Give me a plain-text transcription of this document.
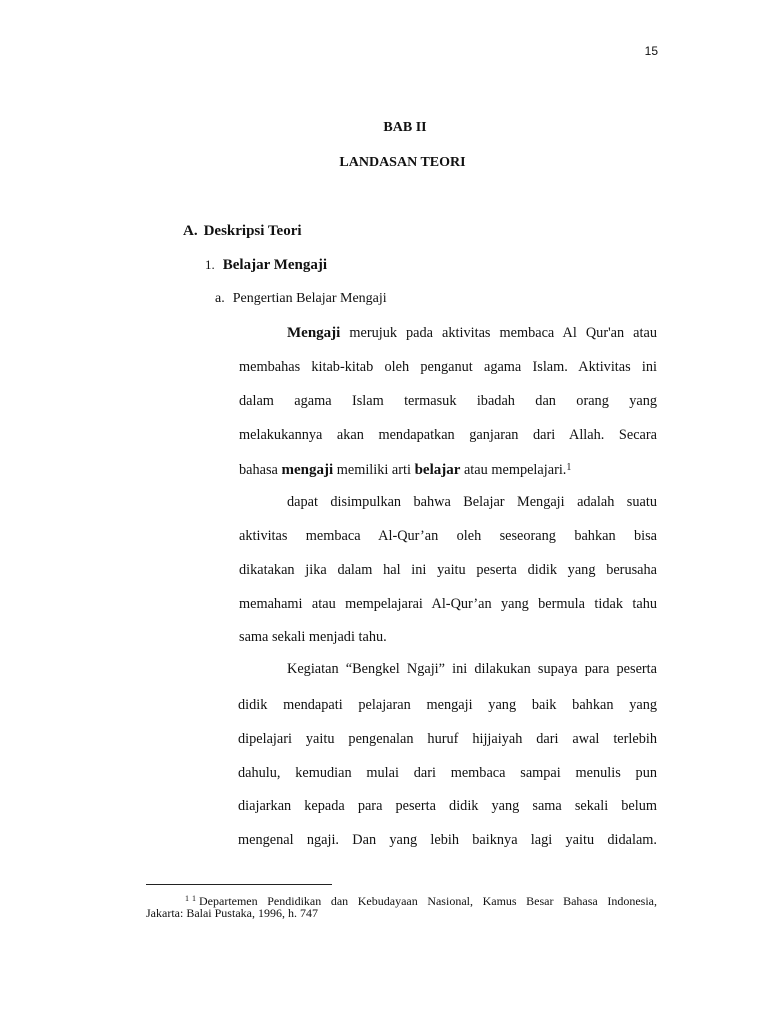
15
BAB II
LANDASAN TEORI
A. Deskripsi Teori
1. Belajar Mengaji
a. Pengertian Belajar Mengaji
Mengaji merujuk pada aktivitas membaca Al Qur'an atau
membahas kitab-kitab oleh penganut agama Islam. Aktivitas ini
dalam agama Islam termasuk ibadah dan orang yang
melakukannya akan mendapatkan ganjaran dari Allah. Secara
bahasa mengaji memiliki arti belajar atau mempelajari.$^1$
dapat disimpulkan bahwa Belajar Mengaji adalah suatu
aktivitas membaca Al-Qur’an oleh seseorang bahkan bisa
dikatakan jika dalam hal ini yaitu peserta didik yang berusaha
memahami atau mempelajarai Al-Qur’an yang bermula tidak tahu
sama sekali menjadi tahu.
Kegiatan “Bengkel Ngaji” ini dilakukan supaya para peserta
didik mendapati pelajaran mengaji yang baik bahkan yang
dipelajari yaitu pengenalan huruf hijjaiyah dari awal terlebih
dahulu, kemudian mulai dari membaca sampai menulis pun
diajarkan kepada para peserta didik yang sama sekali belum
mengenal ngaji. Dan yang lebih baiknya lagi yaitu didalam.
$^1$ $^1$ Departemen Pendidikan dan Kebudayaan Nasional, Kamus Besar Bahasa Indonesia,
Jakarta: Balai Pustaka, 1996, h. 747
